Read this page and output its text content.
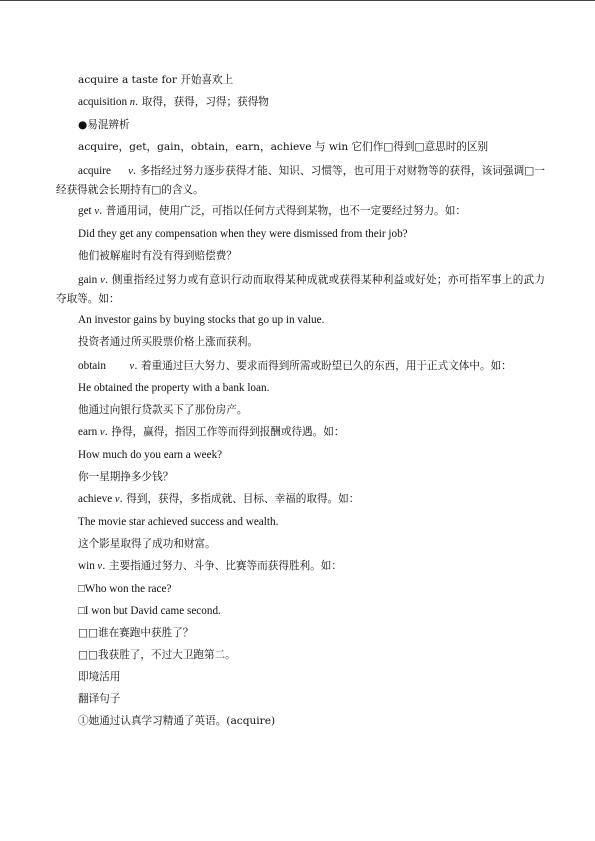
acquire a taste for 开始喜欢上
acquisition n. 取得，获得，习得；获得物
●易混辨析
acquire，get，gain，obtain，earn，achieve 与 win 它们作□得到□意思时的区别

acquire v. 多指经过努力逐步获得才能、知识、习惯等，也可用于对财物等的获得，该词强调□一经获得就会长期持有□的含义。

get v. 普通用词，使用广泛，可指以任何方式得到某物，也不一定要经过努力。如：
Did they get any compensation when they were dismissed from their job?
他们被解雇时有没有得到赔偿费？

gain v. 侧重指经过努力或有意识行动而取得某种成就或获得某种利益或好处；亦可指军事上的武力夺取等。如：

An investor gains by buying stocks that go up in value.
投资者通过所买股票价格上涨而获利。

obtain v. 着重通过巨大努力、要求而得到所需或盼望已久的东西，用于正式文体中。如：

He obtained the property with a bank loan.
他通过向银行贷款买下了那份房产。
earn v. 挣得，赢得，指因工作等而得到报酬或待遇。如：
How much do you earn a week?
你一星期挣多少钱？
achieve v. 得到，获得，多指成就、目标、幸福的取得。如：
The movie star achieved success and wealth.
这个影星取得了成功和财富。
win v. 主要指通过努力、斗争、比赛等而获得胜利。如：
□Who won the race?
□I won but David came second.
□□谁在赛跑中获胜了？
□□我获胜了，不过大卫跑第二。
即境活用
翻译句子
①她通过认真学习精通了英语。(acquire)
